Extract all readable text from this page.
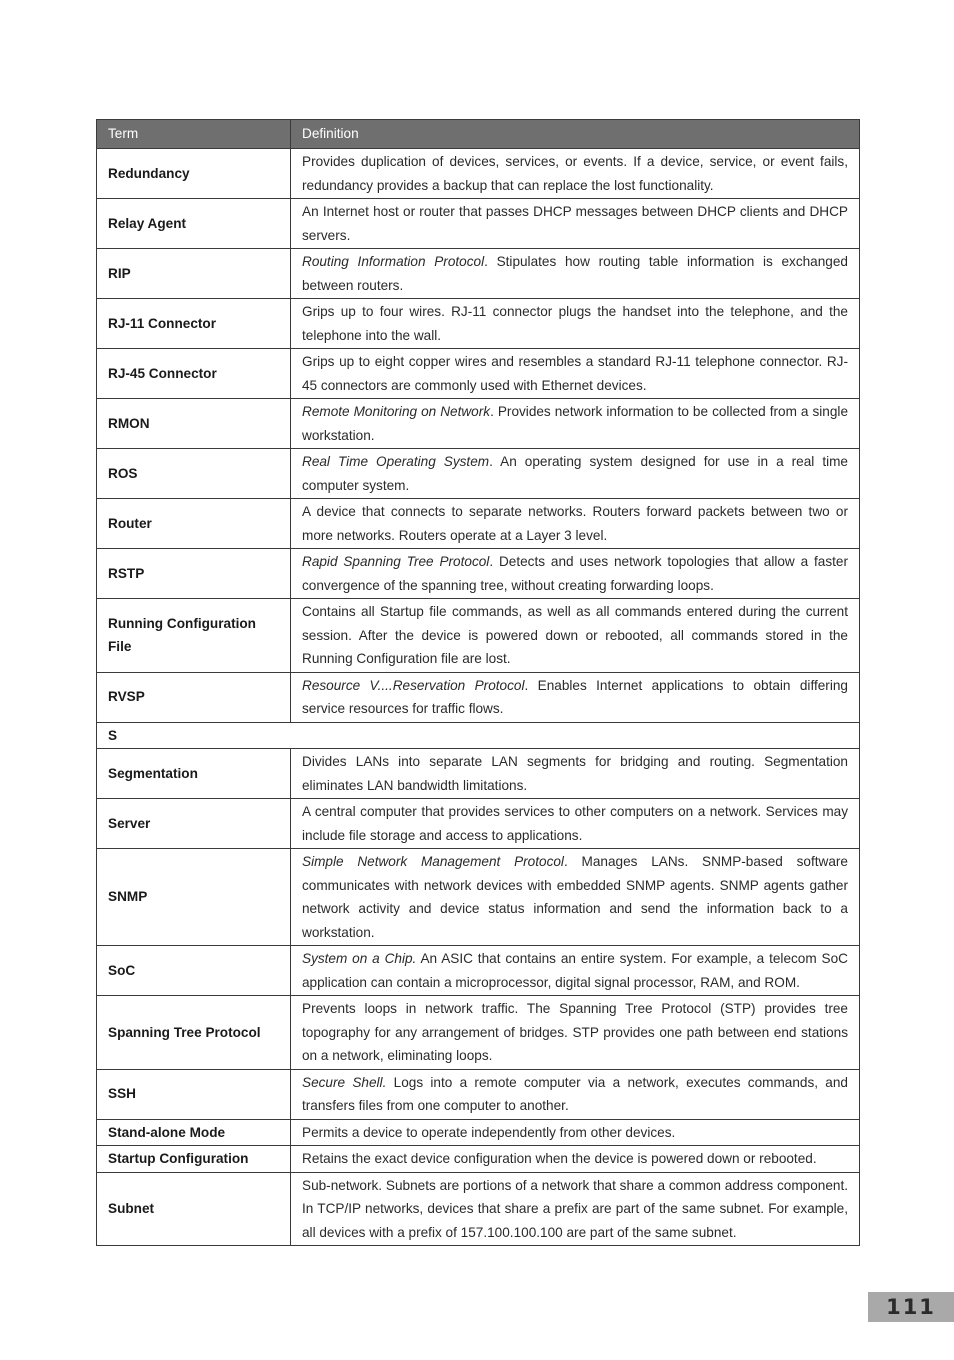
Term	Definition
Redundancy	Provides duplication of devices, services, or events. If a device, service, or event fails, redundancy provides a backup that can replace the lost functionality.
Relay Agent	An Internet host or router that passes DHCP messages between DHCP clients and DHCP servers.
RIP	Routing Information Protocol. Stipulates how routing table information is exchanged between routers.
RJ-11 Connector	Grips up to four wires. RJ-11 connector plugs the handset into the telephone, and the telephone into the wall.
RJ-45 Connector	Grips up to eight copper wires and resembles a standard RJ-11 telephone connector. RJ-45 connectors are commonly used with Ethernet devices.
RMON	Remote Monitoring on Network. Provides network information to be collected from a single workstation.
ROS	Real Time Operating System. An operating system designed for use in a real time computer system.
Router	A device that connects to separate networks. Routers forward packets between two or more networks. Routers operate at a Layer 3 level.
RSTP	Rapid Spanning Tree Protocol. Detects and uses network topologies that allow a faster convergence of the spanning tree, without creating forwarding loops.
Running Configuration File	Contains all Startup file commands, as well as all commands entered during the current session. After the device is powered down or rebooted, all commands stored in the Running Configuration file are lost.
RVSP	Resource V....Reservation Protocol. Enables Internet applications to obtain differing service resources for traffic flows.
S	
Segmentation	Divides LANs into separate LAN segments for bridging and routing. Segmentation eliminates LAN bandwidth limitations.
Server	A central computer that provides services to other computers on a network. Services may include file storage and access to applications.
SNMP	Simple Network Management Protocol. Manages LANs. SNMP-based software communicates with network devices with embedded SNMP agents. SNMP agents gather network activity and device status information and send the information back to a workstation.
SoC	System on a Chip. An ASIC that contains an entire system. For example, a telecom SoC application can contain a microprocessor, digital signal processor, RAM, and ROM.
Spanning Tree Protocol	Prevents loops in network traffic. The Spanning Tree Protocol (STP) provides tree topography for any arrangement of bridges. STP provides one path between end stations on a network, eliminating loops.
SSH	Secure Shell. Logs into a remote computer via a network, executes commands, and transfers files from one computer to another.
Stand-alone Mode	Permits a device to operate independently from other devices.
Startup Configuration	Retains the exact device configuration when the device is powered down or rebooted.
Subnet	Sub-network. Subnets are portions of a network that share a common address component. In TCP/IP networks, devices that share a prefix are part of the same subnet. For example, all devices with a prefix of 157.100.100.100 are part of the same subnet.
111
